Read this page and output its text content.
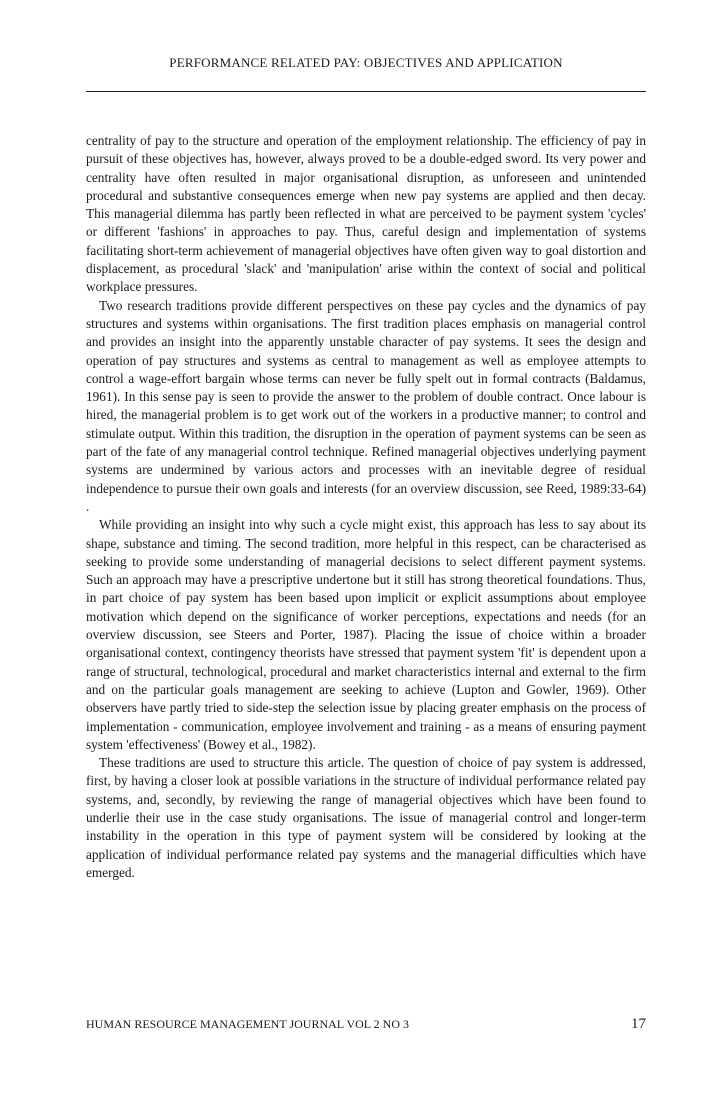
PERFORMANCE RELATED PAY: OBJECTIVES AND APPLICATION

centrality of pay to the structure and operation of the employment relationship. The efficiency of pay in pursuit of these objectives has, however, always proved to be a double-edged sword. Its very power and centrality have often resulted in major organisational disruption, as unforeseen and unintended procedural and substantive consequences emerge when new pay systems are applied and then decay. This managerial dilemma has partly been reflected in what are perceived to be payment system 'cycles' or different 'fashions' in approaches to pay. Thus, careful design and implementation of systems facilitating short-term achievement of managerial objectives have often given way to goal distortion and displacement, as procedural 'slack' and 'manipulation' arise within the context of social and political workplace pressures.

Two research traditions provide different perspectives on these pay cycles and the dynamics of pay structures and systems within organisations. The first tradition places emphasis on managerial control and provides an insight into the apparently unstable character of pay systems. It sees the design and operation of pay structures and systems as central to management as well as employee attempts to control a wage-effort bargain whose terms can never be fully spelt out in formal contracts (Baldamus, 1961). In this sense pay is seen to provide the answer to the problem of double contract. Once labour is hired, the managerial problem is to get work out of the workers in a productive manner; to control and stimulate output. Within this tradition, the disruption in the operation of payment systems can be seen as part of the fate of any managerial control technique. Refined managerial objectives underlying payment systems are undermined by various actors and processes with an inevitable degree of residual independence to pursue their own goals and interests (for an overview discussion, see Reed, 1989:33-64) .

While providing an insight into why such a cycle might exist, this approach has less to say about its shape, substance and timing. The second tradition, more helpful in this respect, can be characterised as seeking to provide some understanding of managerial decisions to select different payment systems. Such an approach may have a prescriptive undertone but it still has strong theoretical foundations. Thus, in part choice of pay system has been based upon implicit or explicit assumptions about employee motivation which depend on the significance of worker perceptions, expectations and needs (for an overview discussion, see Steers and Porter, 1987). Placing the issue of choice within a broader organisational context, contingency theorists have stressed that payment system 'fit' is dependent upon a range of structural, technological, procedural and market characteristics internal and external to the firm and on the particular goals management are seeking to achieve (Lupton and Gowler, 1969). Other observers have partly tried to side-step the selection issue by placing greater emphasis on the process of implementation - communication, employee involvement and training - as a means of ensuring payment system 'effectiveness' (Bowey et al., 1982).

These traditions are used to structure this article. The question of choice of pay system is addressed, first, by having a closer look at possible variations in the structure of individual performance related pay systems, and, secondly, by reviewing the range of managerial objectives which have been found to underlie their use in the case study organisations. The issue of managerial control and longer-term instability in the operation in this type of payment system will be considered by looking at the application of individual performance related pay systems and the managerial difficulties which have emerged.

HUMAN RESOURCE MANAGEMENT JOURNAL VOL 2 NO 3	17
